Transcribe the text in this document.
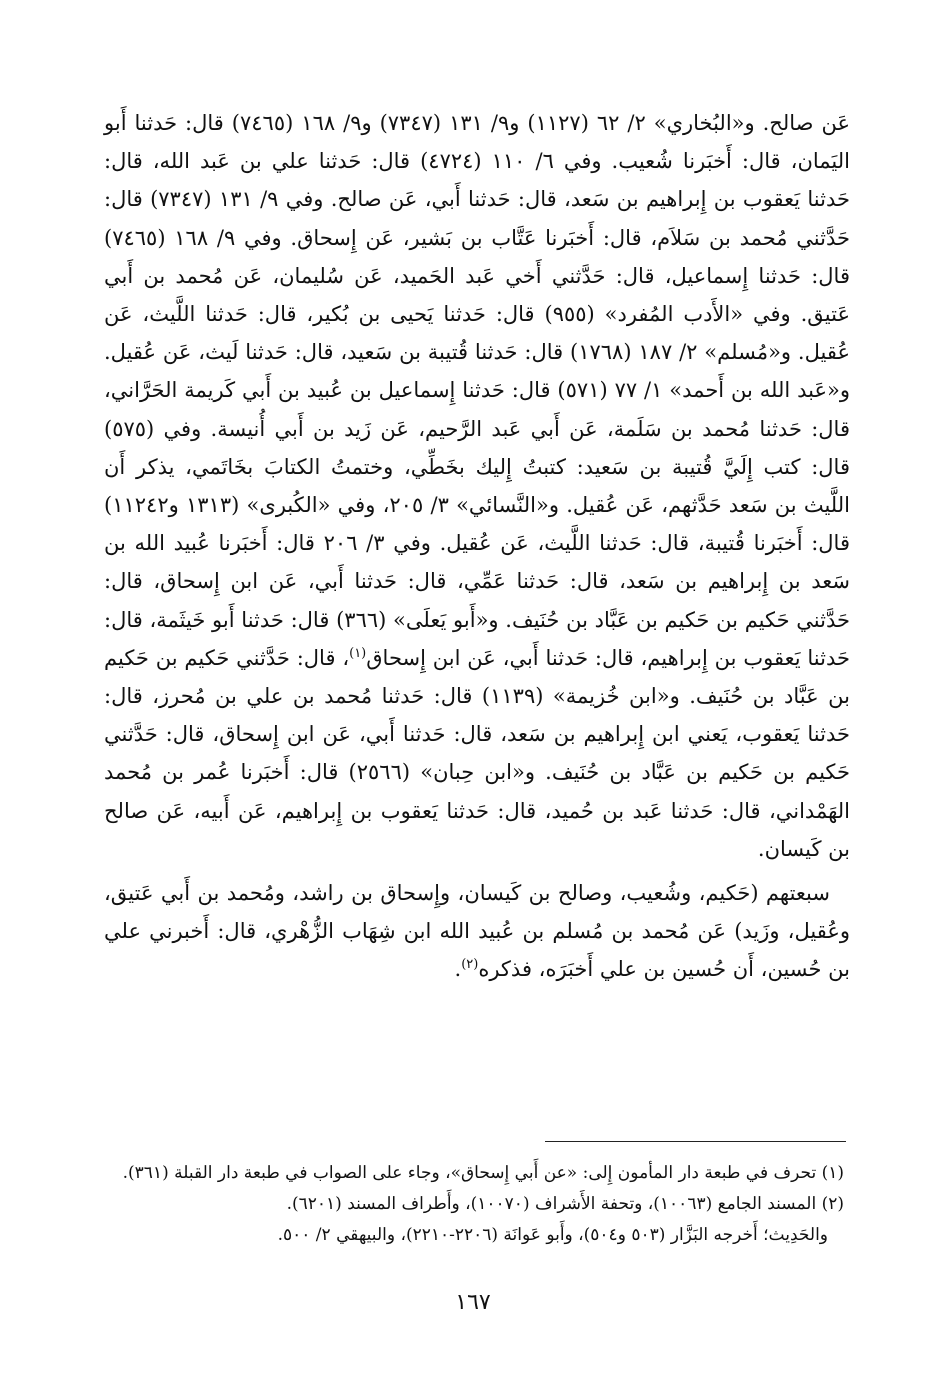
عَن صالح. و«البُخاري» ٢/ ٦٢ (١١٢٧) و٩/ ١٣١ (٧٣٤٧) و٩/ ١٦٨ (٧٤٦٥) قال: حَدثنا أَبو اليَمان، قال: أَخبَرنا شُعيب. وفي ٦/ ١١٠ (٤٧٢٤) قال: حَدثنا علي بن عَبد الله، قال: حَدثنا يَعقوب بن إِبراهيم بن سَعد، قال: حَدثنا أَبي، عَن صالح. وفي ٩/ ١٣١ (٧٣٤٧) قال: حَدَّثني مُحمد بن سَلاَم، قال: أَخبَرنا عَتَّاب بن بَشير، عَن إِسحاق. وفي ٩/ ١٦٨ (٧٤٦٥) قال: حَدثنا إِسماعيل، قال: حَدَّثني أَخي عَبد الحَميد، عَن سُليمان، عَن مُحمد بن أَبي عَتيق. وفي «الأَدب المُفرد» (٩٥٥) قال: حَدثنا يَحيى بن بُكير، قال: حَدثنا اللَّيث، عَن عُقيل. و«مُسلم» ٢/ ١٨٧ (١٧٦٨) قال: حَدثنا قُتيبة بن سَعيد، قال: حَدثنا لَيث، عَن عُقيل. و«عَبد الله بن أَحمد» ١/ ٧٧ (٥٧١) قال: حَدثنا إِسماعيل بن عُبيد بن أَبي كَريمة الحَرَّاني، قال: حَدثنا مُحمد بن سَلَمة، عَن أَبي عَبد الرَّحيم، عَن زَيد بن أَبي أُنيسة. وفي (٥٧٥) قال: كتب إِلَيَّ قُتيبة بن سَعيد: كتبتُ إِليك بخَطِّي، وختمتُ الكتابَ بخَاتَمي، يذكر أَن اللَّيث بن سَعد حَدَّثهم، عَن عُقيل. و«النَّسائي» ٣/ ٢٠٥، وفي «الكُبرى» (١٣١٣ و١١٢٤٢) قال: أَخبَرنا قُتيبة، قال: حَدثنا اللَّيث، عَن عُقيل. وفي ٣/ ٢٠٦ قال: أَخبَرنا عُبيد الله بن سَعد بن إِبراهيم بن سَعد، قال: حَدثنا عَمِّي، قال: حَدثنا أَبي، عَن ابن إِسحاق، قال: حَدَّثني حَكيم بن حَكيم بن عَبَّاد بن حُنَيف. و«أَبو يَعلَى» (٣٦٦) قال: حَدثنا أَبو خَيثَمة، قال: حَدثنا يَعقوب بن إِبراهيم، قال: حَدثنا أَبي، عَن ابن إِسحاق$^{(١)}$، قال: حَدَّثني حَكيم بن حَكيم بن عَبَّاد بن حُنَيف. و«ابن خُزيمة» (١١٣٩) قال: حَدثنا مُحمد بن علي بن مُحرز، قال: حَدثنا يَعقوب، يَعني ابن إِبراهيم بن سَعد، قال: حَدثنا أَبي، عَن ابن إِسحاق، قال: حَدَّثني حَكيم بن حَكيم بن عَبَّاد بن حُنَيف. و«ابن حِبان» (٢٥٦٦) قال: أَخبَرنا عُمر بن مُحمد الهَمْداني، قال: حَدثنا عَبد بن حُميد، قال: حَدثنا يَعقوب بن إِبراهيم، عَن أَبيه، عَن صالح بن كَيسان.

سبعتهم (حَكيم، وشُعيب، وصالح بن كَيسان، وإِسحاق بن راشد، ومُحمد بن أَبي عَتيق، وعُقيل، وزَيد) عَن مُحمد بن مُسلم بن عُبيد الله ابن شِهَاب الزُّهْري، قال: أَخبرني علي بن حُسين، أَن حُسين بن علي أَخبَرَه، فذكره$^{(٢)}$.

(١) تحرف في طبعة دار المأمون إِلى: «عن أَبي إِسحاق»، وجاء على الصواب في طبعة دار القبلة (٣٦١).

(٢) المسند الجامع (١٠٠٦٣)، وتحفة الأَشراف (١٠٠٧٠)، وأَطراف المسند (٦٢٠١).

والحَدِيث؛ أَخرجه البَزَّار (٥٠٣ و٥٠٤)، وأَبو عَوانَة (٢٢٠٦-٢٢١٠)، والبيهقي ٢/ ٥٠٠.

١٦٧
